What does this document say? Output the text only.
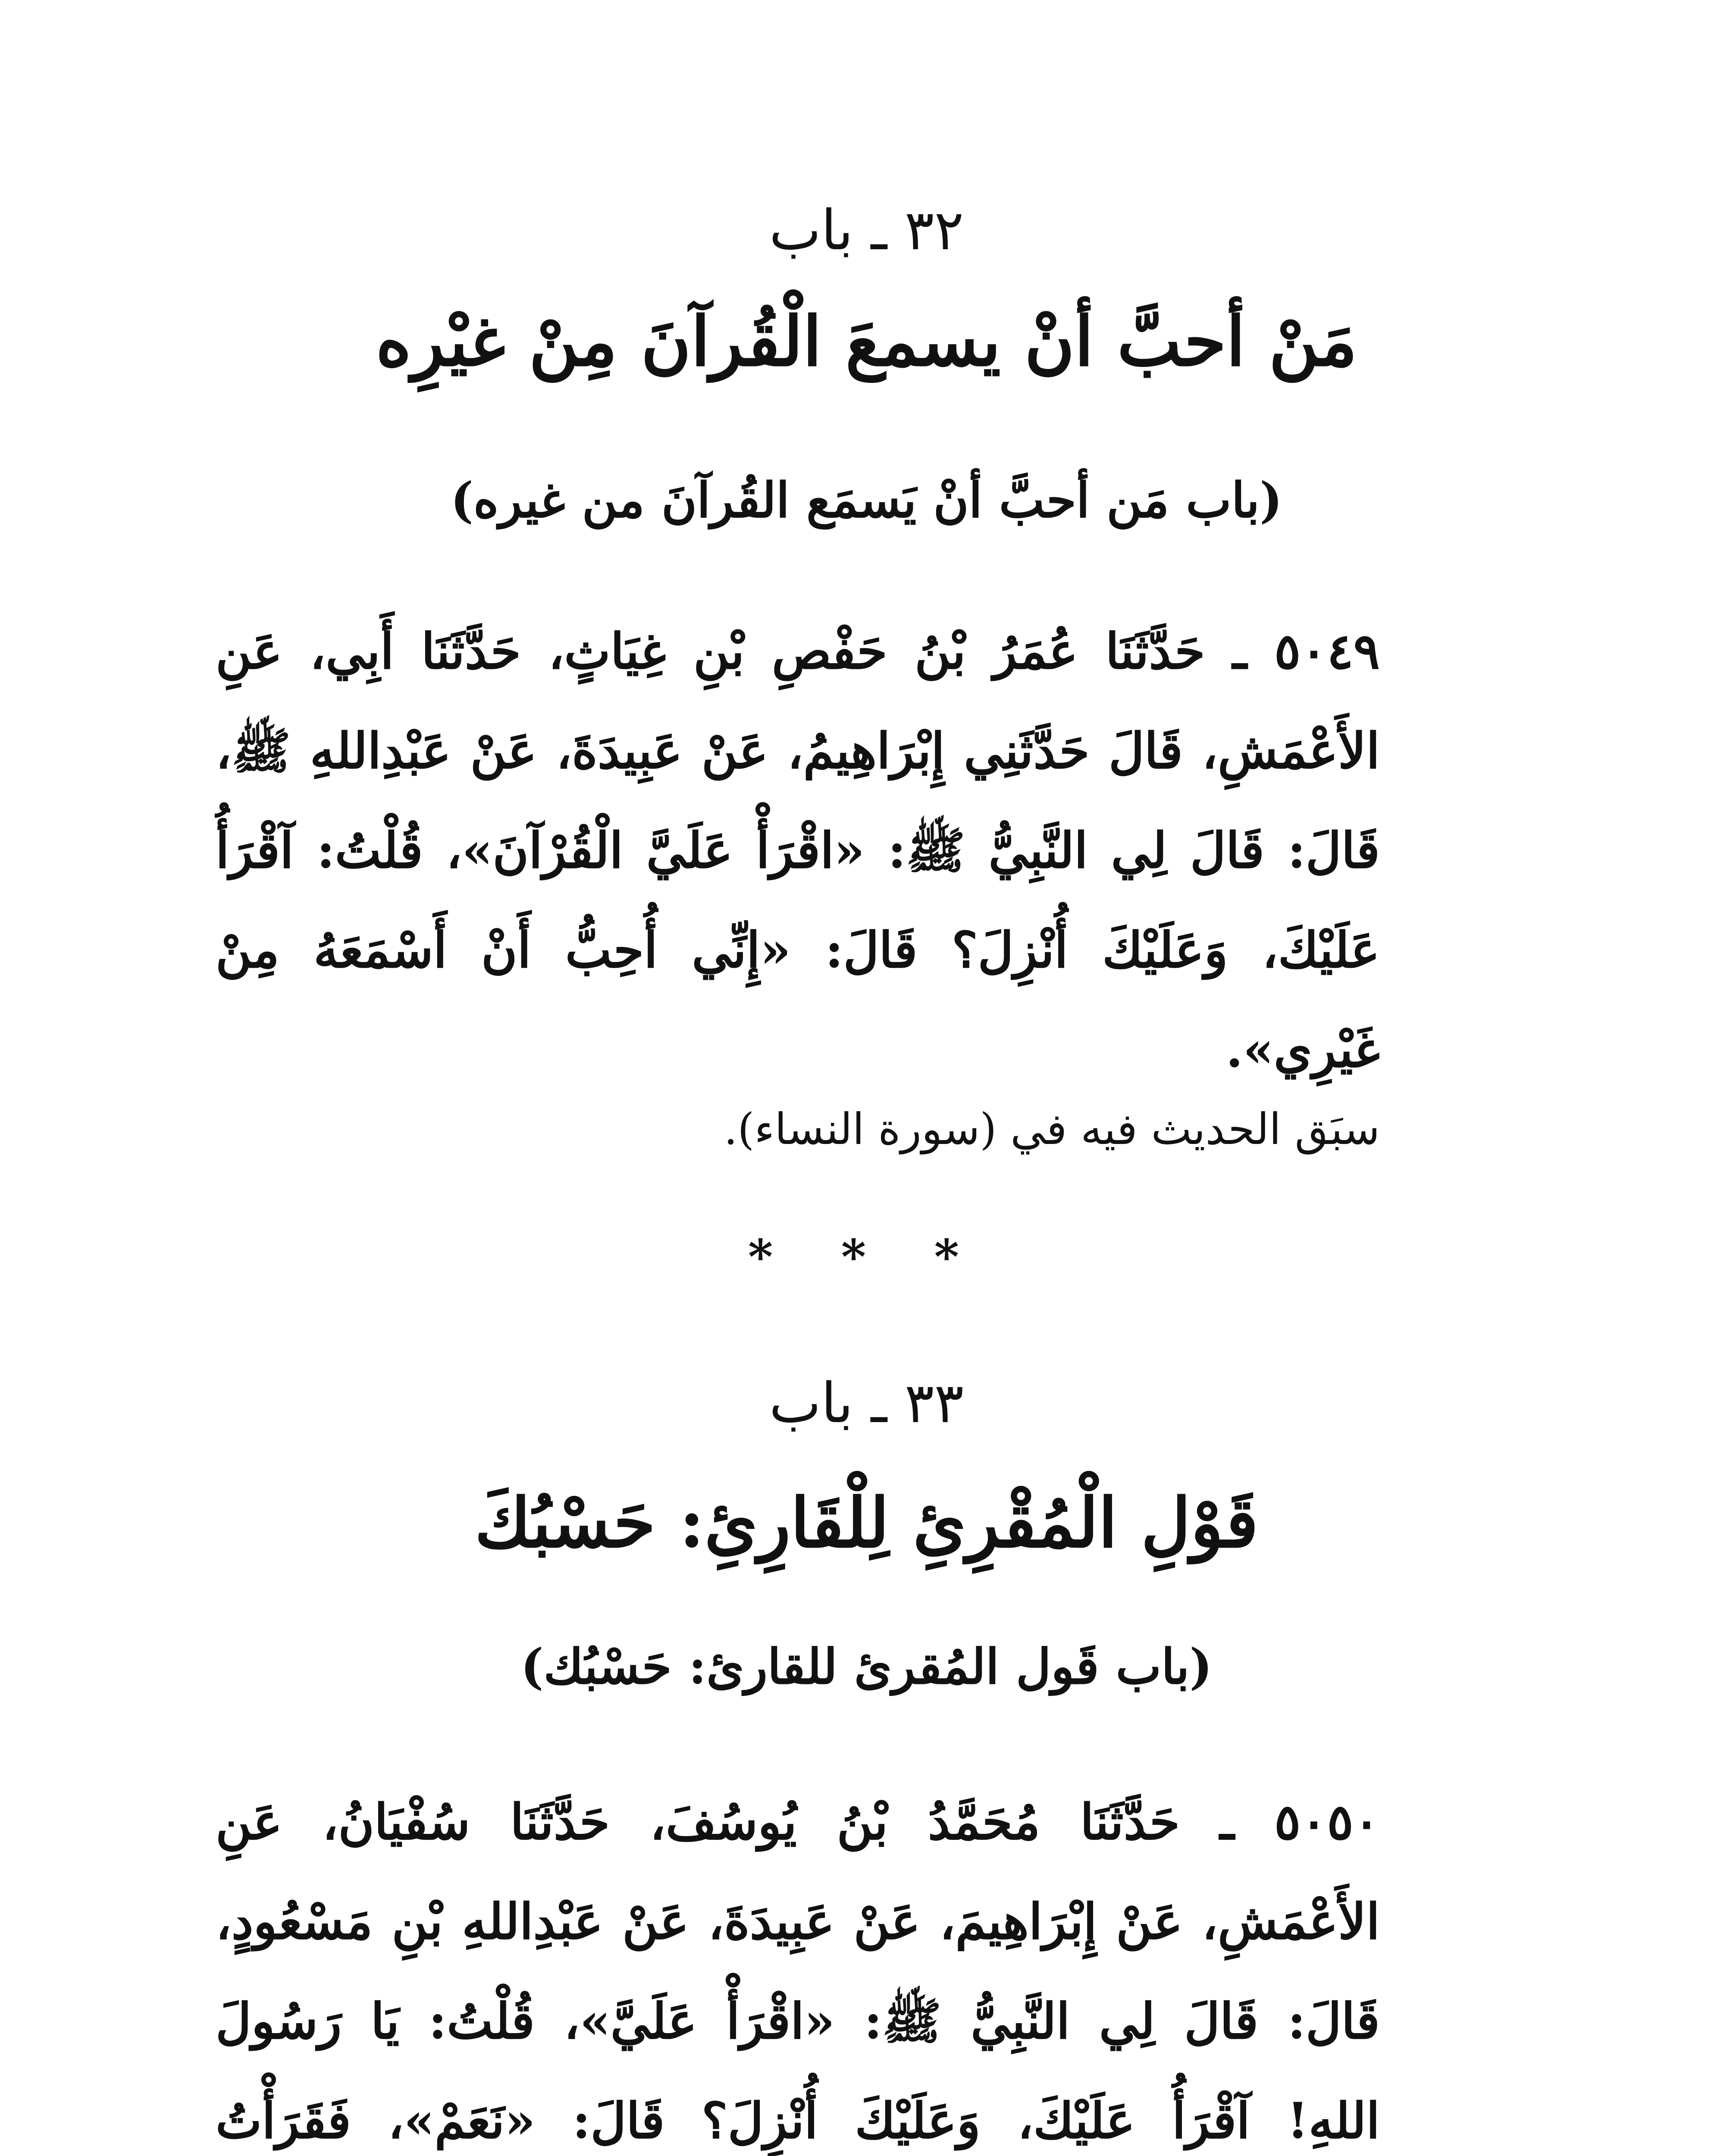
٣٢ ـ باب
مَنْ أحبَّ أنْ يسمعَ الْقُرآنَ مِنْ غيْرِه
(باب مَن أحبَّ أنْ يَسمَع القُرآنَ من غيره)
٥٠٤٩ ـ حَدَّثَنَا عُمَرُ بْنُ حَفْصِ بْنِ غِيَاثٍ، حَدَّثَنَا أَبِي، عَنِ الأَعْمَشِ، قَالَ حَدَّثَنِي إِبْرَاهِيمُ، عَنْ عَبِيدَةَ، عَنْ عَبْدِاللهِ ﷺ، قَالَ: قَالَ لِي النَّبِيُّ ﷺ: «اقْرَأْ عَلَيَّ الْقُرْآنَ»، قُلْتُ: آقْرَأُ عَلَيْكَ، وَعَلَيْكَ أُنْزِلَ؟ قَالَ: «إِنِّي أُحِبُّ أَنْ أَسْمَعَهُ مِنْ غَيْرِي».
سبَق الحديث فيه في (سورة النساء).
* * *
٣٣ ـ باب
قَوْلِ الْمُقْرِئِ لِلْقَارِئِ: حَسْبُكَ
(باب قَول المُقرئ للقارئ: حَسْبُك)
٥٠٥٠ ـ حَدَّثَنَا مُحَمَّدُ بْنُ يُوسُفَ، حَدَّثَنَا سُفْيَانُ، عَنِ الأَعْمَشِ، عَنْ إِبْرَاهِيمَ، عَنْ عَبِيدَةَ، عَنْ عَبْدِاللهِ بْنِ مَسْعُودٍ، قَالَ: قَالَ لِي النَّبِيُّ ﷺ: «اقْرَأْ عَلَيَّ»، قُلْتُ: يَا رَسُولَ اللهِ! آقْرَأُ عَلَيْكَ، وَعَلَيْكَ أُنْزِلَ؟ قَالَ: «نَعَمْ»، فَقَرَأْتُ
